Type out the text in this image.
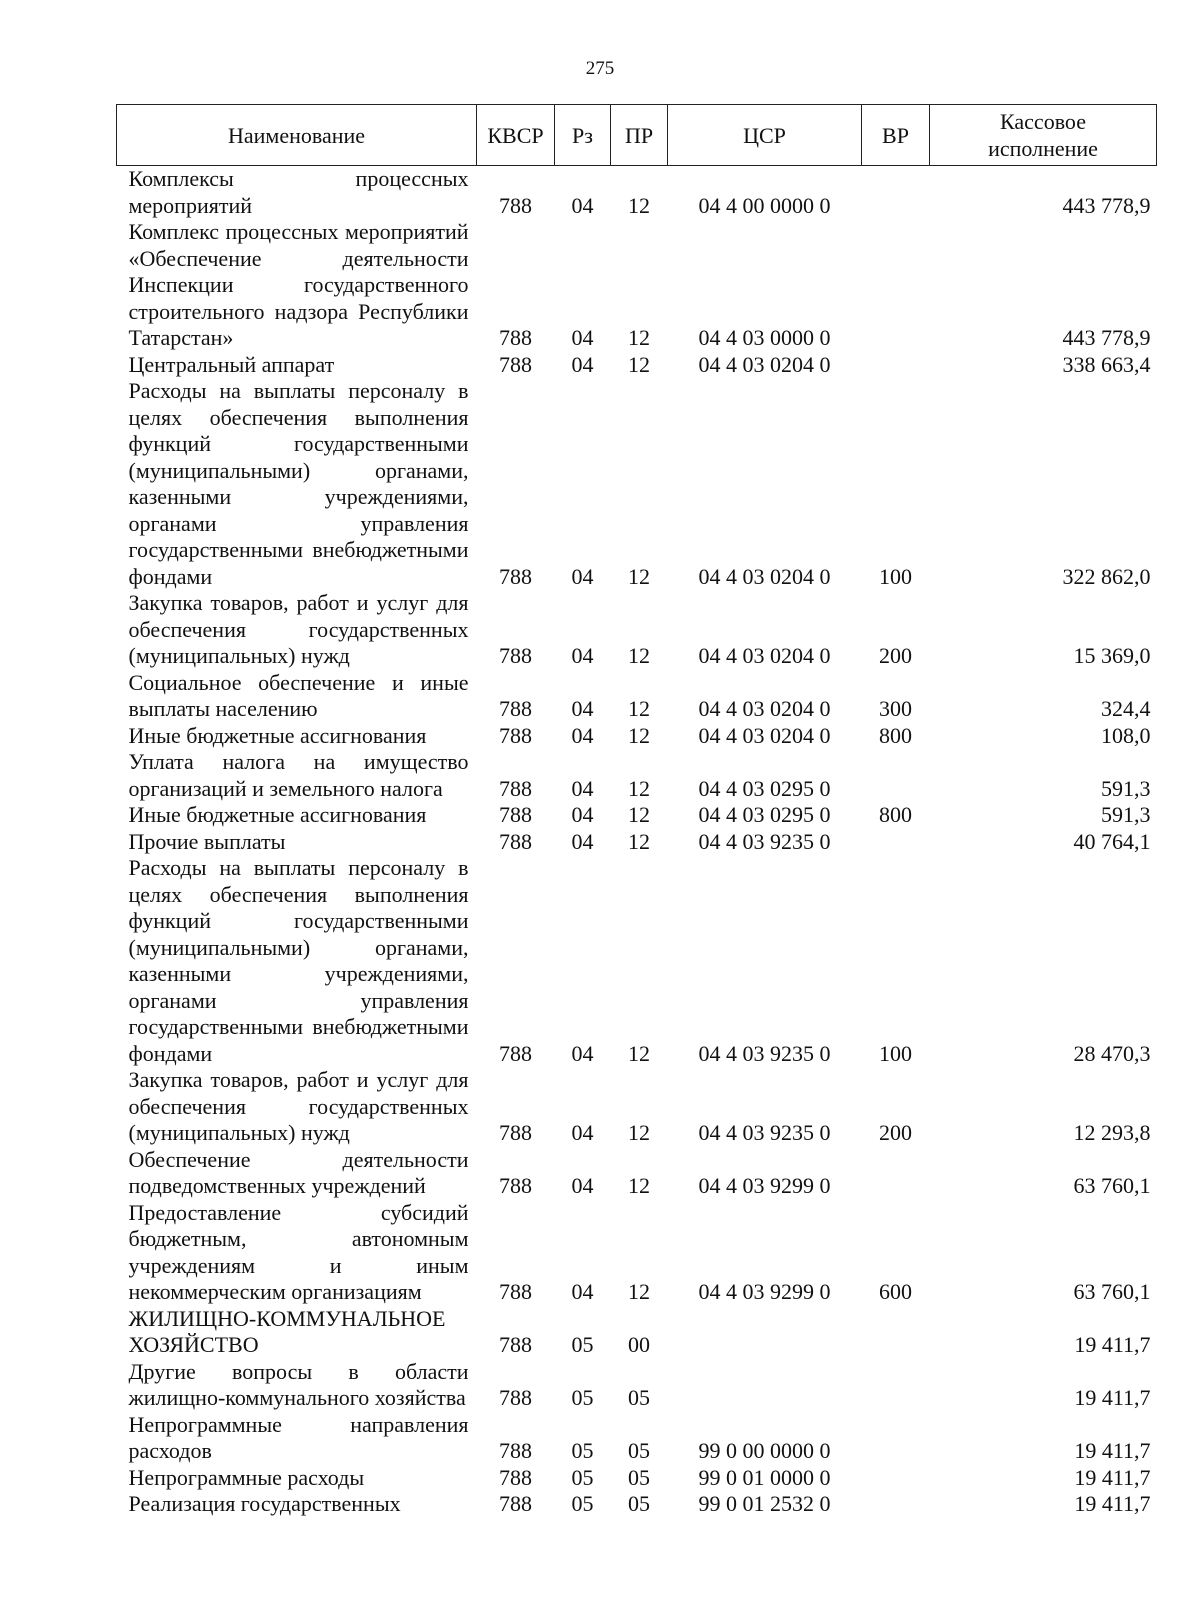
275
Наименование	КВСР	Рз	ПР	ЦСР	ВР	Кассовое исполнение
Комплексы процессных мероприятий	788	04	12	04 4 00 0000 0		443 778,9
Комплекс процессных мероприятий «Обеспечение деятельности Инспекции государственного строительного надзора Республики Татарстан»	788	04	12	04 4 03 0000 0		443 778,9
Центральный аппарат	788	04	12	04 4 03 0204 0		338 663,4
Расходы на выплаты персоналу в целях обеспечения выполнения функций государственными (муниципальными) органами, казенными учреждениями, органами управления государственными внебюджетными фондами	788	04	12	04 4 03 0204 0	100	322 862,0
Закупка товаров, работ и услуг для обеспечения государственных (муниципальных) нужд	788	04	12	04 4 03 0204 0	200	15 369,0
Социальное обеспечение и иные выплаты населению	788	04	12	04 4 03 0204 0	300	324,4
Иные бюджетные ассигнования	788	04	12	04 4 03 0204 0	800	108,0
Уплата налога на имущество организаций и земельного налога	788	04	12	04 4 03 0295 0		591,3
Иные бюджетные ассигнования	788	04	12	04 4 03 0295 0	800	591,3
Прочие выплаты	788	04	12	04 4 03 9235 0		40 764,1
Расходы на выплаты персоналу в целях обеспечения выполнения функций государственными (муниципальными) органами, казенными учреждениями, органами управления государственными внебюджетными фондами	788	04	12	04 4 03 9235 0	100	28 470,3
Закупка товаров, работ и услуг для обеспечения государственных (муниципальных) нужд	788	04	12	04 4 03 9235 0	200	12 293,8
Обеспечение деятельности подведомственных учреждений	788	04	12	04 4 03 9299 0		63 760,1
Предоставление субсидий бюджетным, автономным учреждениям и иным некоммерческим организациям	788	04	12	04 4 03 9299 0	600	63 760,1
ЖИЛИЩНО-КОММУНАЛЬНОЕ ХОЗЯЙСТВО	788	05	00			19 411,7
Другие вопросы в области жилищно-коммунального хозяйства	788	05	05			19 411,7
Непрограммные направления расходов	788	05	05	99 0 00 0000 0		19 411,7
Непрограммные расходы	788	05	05	99 0 01 0000 0		19 411,7
Реализация государственных	788	05	05	99 0 01 2532 0		19 411,7
